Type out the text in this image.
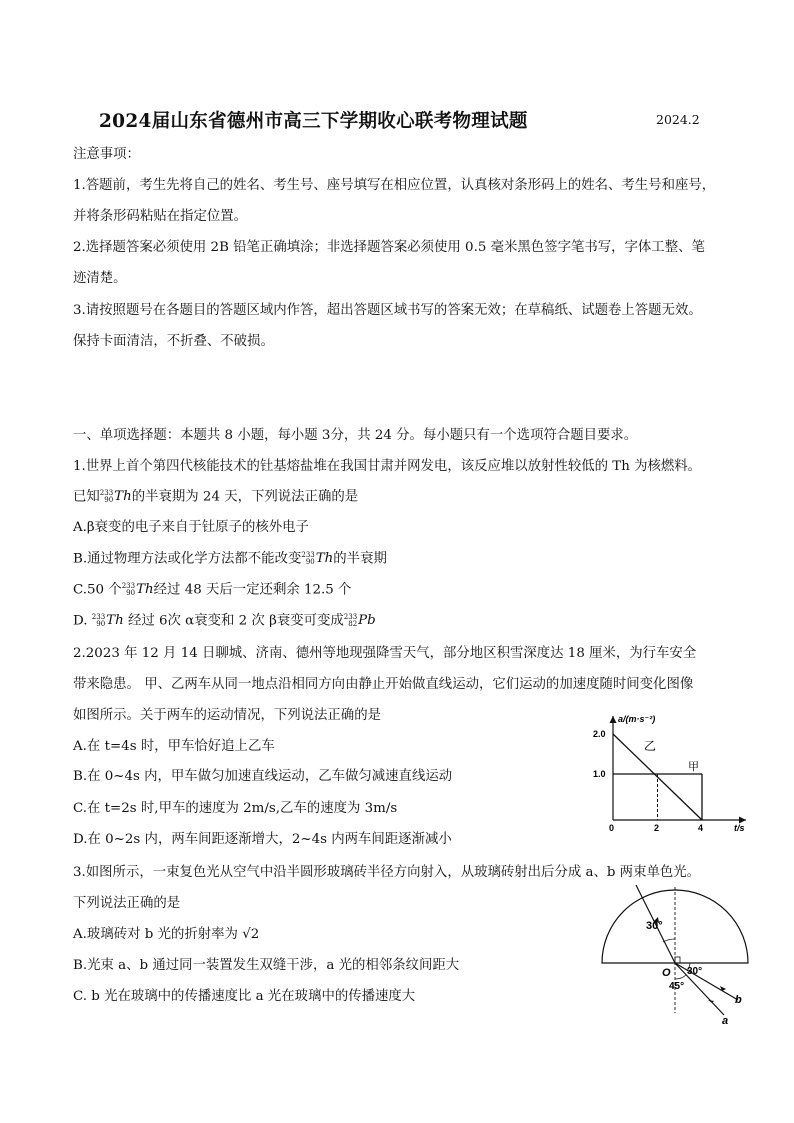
2024届山东省德州市高三下学期收心联考物理试题	2024.2
注意事项：
1.答题前，考生先将自己的姓名、考生号、座号填写在相应位置，认真核对条形码上的姓名、考生号和座号，
并将条形码粘贴在指定位置。
2.选择题答案必须使用 2B 铅笔正确填涂；非选择题答案必须使用 0.5 毫米黑色签字笔书写，字体工整、笔
迹清楚。
3.请按照题号在各题目的答题区域内作答，超出答题区域书写的答案无效；在草稿纸、试题卷上答题无效。
保持卡面清洁，不折叠、不破损。
一、单项选择题：本题共 8 小题，每小题 3分，共 24 分。每小题只有一个选项符合题目要求。
1.世界上首个第四代核能技术的钍基熔盐堆在我国甘肃并网发电，该反应堆以放射性较低的 Th 为核燃料。
已知 233
90 Th 的半衰期为 24 天，下列说法正确的是
A.β衰变的电子来自于钍原子的核外电子
B.通过物理方法或化学方法都不能改变 233
90 Th 的半衰期
C.50 个 233
90 Th 经过 48 天后一定还剩余 12.5 个
D. 233
90 Th 经过 6次 α衰变和 2 次 β衰变可变成 233
82 Pb
2.2023 年 12 月 14 日聊城、济南、德州等地现强降雪天气，部分地区积雪深度达 18 厘米，为行车安全
带来隐患。 甲、乙两车从同一地点沿相同方向由静止开始做直线运动，它们运动的加速度随时间变化图像
如图所示。关于两车的运动情况，下列说法正确的是
A.在 t=4s 时，甲车恰好追上乙车
B.在 0~4s 内，甲车做匀加速直线运动，乙车做匀减速直线运动
C.在 t=2s 时,甲车的速度为 2m/s,乙车的速度为 3m/s
D.在 0~2s 内，两车间距逐渐增大，2~4s 内两车间距逐渐减小
a/(m·s⁻²)
t/s
0	2	4
1.0
2.0
乙
甲
3.如图所示，一束复色光从空气中沿半圆形玻璃砖半径方向射入，从玻璃砖射出后分成 a、b 两束单色光。
下列说法正确的是
A.玻璃砖对 b 光的折射率为 √2
B.光束 a、b 通过同一装置发生双缝干涉，a 光的相邻条纹间距大
C. b 光在玻璃中的传播速度比 a 光在玻璃中的传播速度大
30°
30°
45°
O
b
a
